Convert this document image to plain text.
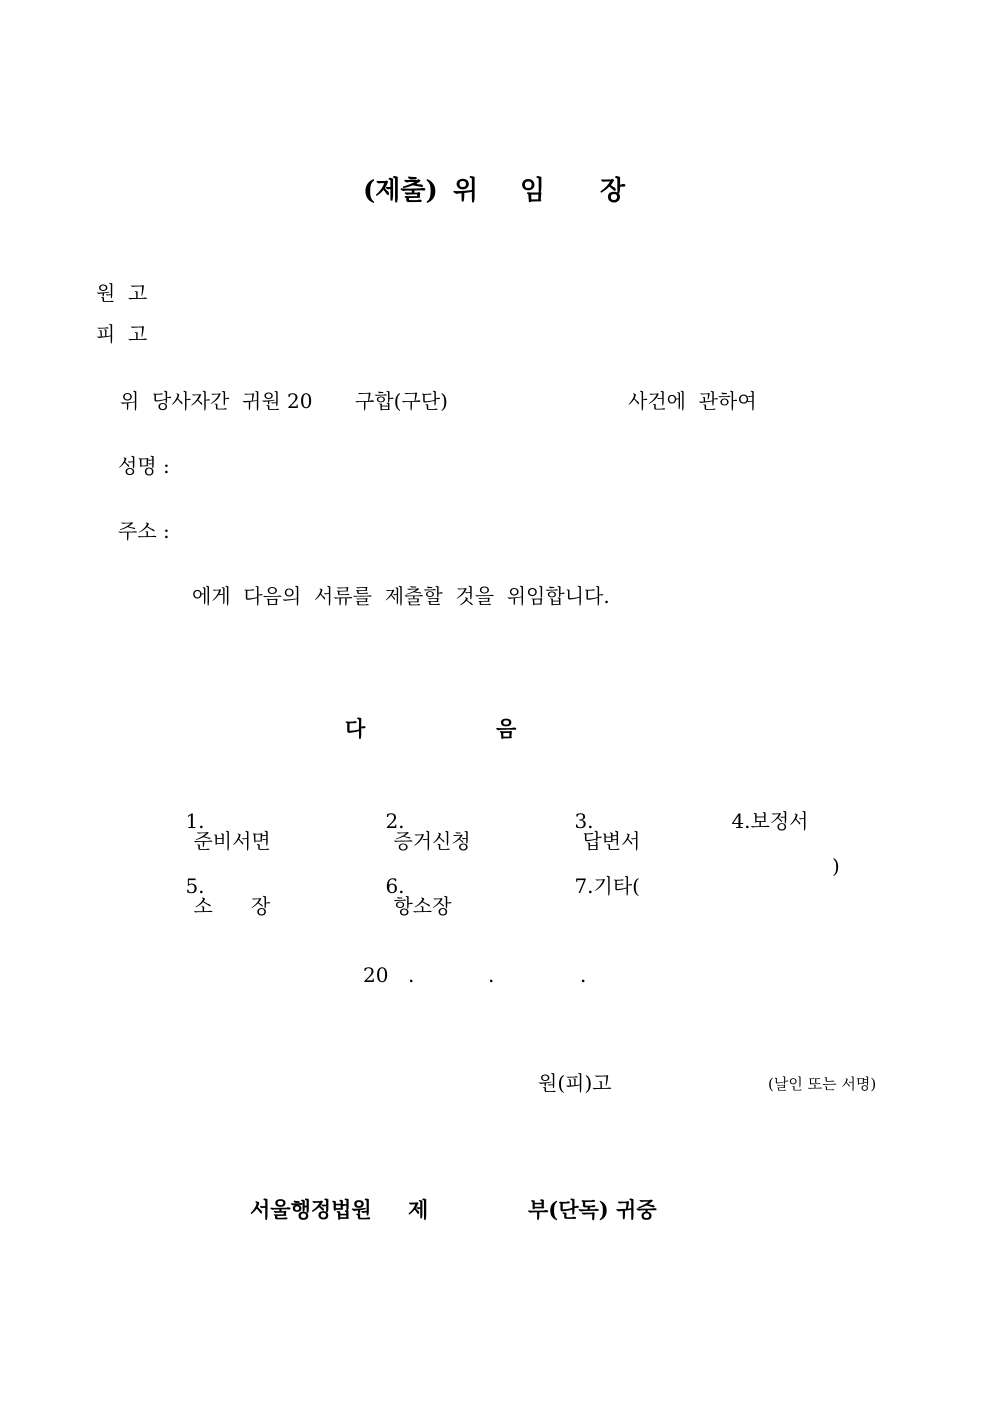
(제출)

위

임

장

원  고
피  고
위  당사자간  귀원 20 구합(구단)	사건에  관하여
성명 :
주소 :
에게  다음의  서류를  제출할  것을  위임합니다.
다	음

1.
준비서면

2.
증거신청

3.
답변서

4.보정서

5.
소      장

6.
항소장

7.기타(

)
20 .	.	.
원(피)고	(날인 또는 서명)
서울행정법원 제	부(단독) 귀중
